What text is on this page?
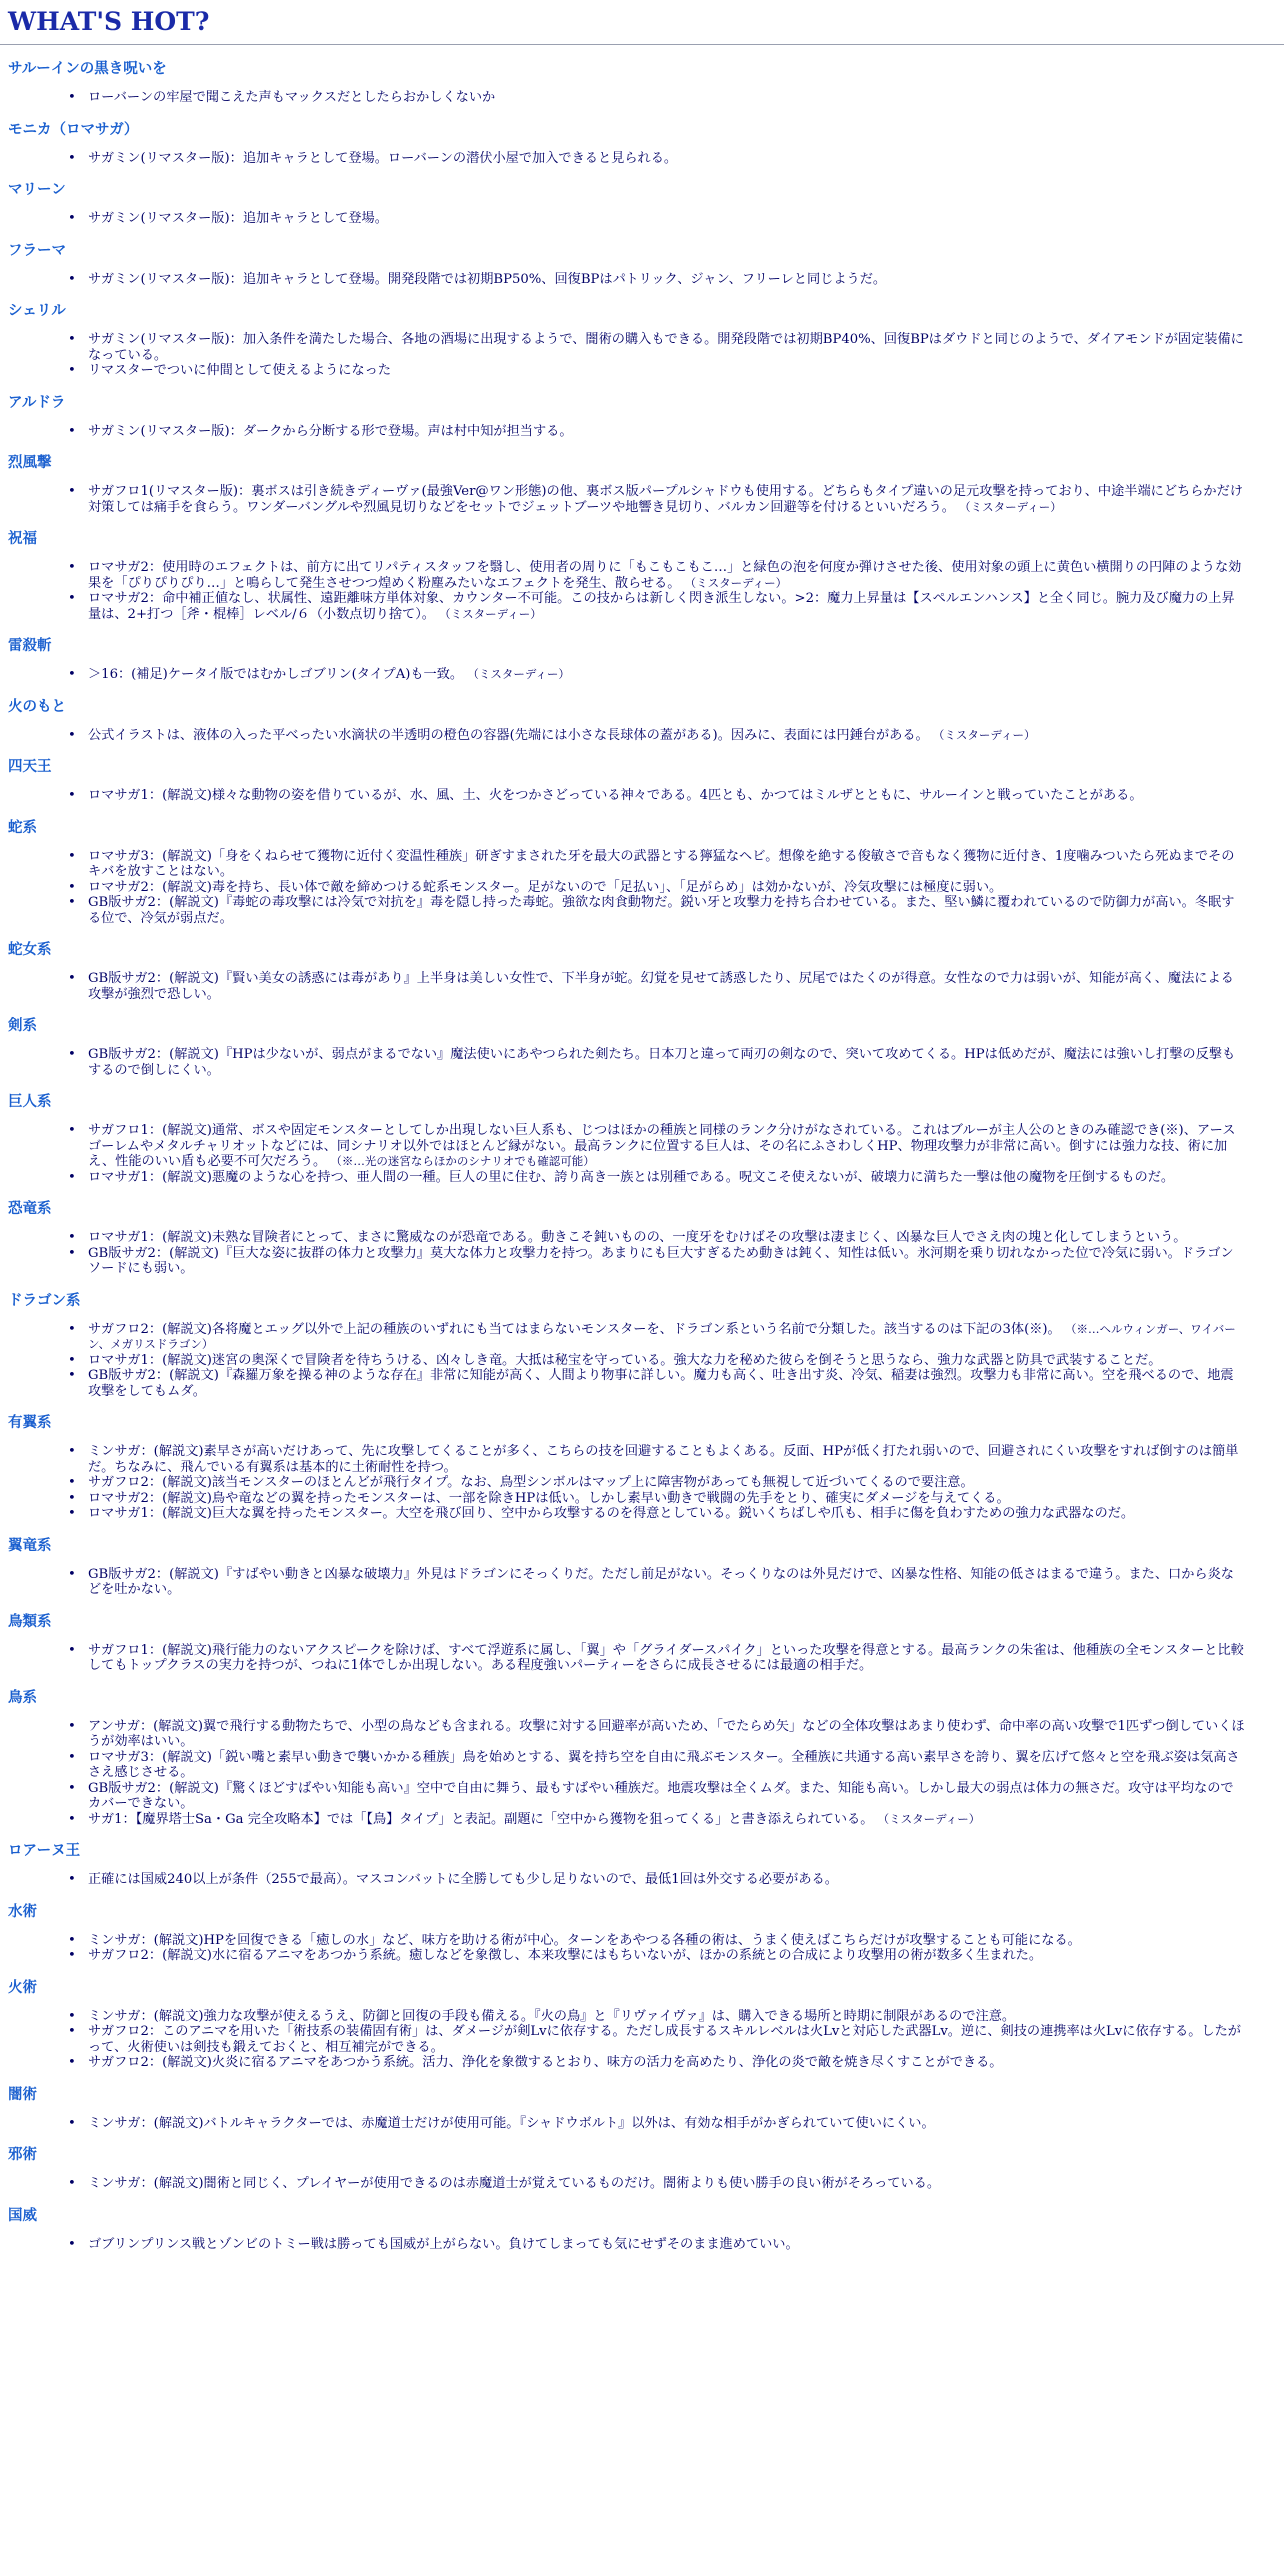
WHAT'S HOT?
サルーインの黒き呪いを
• ローバーンの牢屋で聞こえた声もマックスだとしたらおかしくないか
モニカ（ロマサガ）
• サガミン(リマスター版)：追加キャラとして登場。ローバーンの潜伏小屋で加入できると見られる。
マリーン
• サガミン(リマスター版)：追加キャラとして登場。
フラーマ
• サガミン(リマスター版)：追加キャラとして登場。開発段階では初期BP50%、回復BPはパトリック、ジャン、フリーレと同じようだ。
シェリル
• サガミン(リマスター版)：加入条件を満たした場合、各地の酒場に出現するようで、闇術の購入もできる。開発段階では初期BP40%、回復BPはダウドと同じのようで、ダイアモンドが固定装備になっている。
• リマスターでついに仲間として使えるようになった
アルドラ
• サガミン(リマスター版)：ダークから分断する形で登場。声は村中知が担当する。
烈風撃
• サガフロ1(リマスター版)：裏ボスは引き続きディーヴァ(最強Ver@ワン形態)の他、裏ボス版パープルシャドウも使用する。どちらもタイプ違いの足元攻撃を持っており、中途半端にどちらかだけ対策しては痛手を食らう。ワンダーバングルや烈風見切りなどをセットでジェットブーツや地響き見切り、バルカン回避等を付けるといいだろう。 （ミスターディー）
祝福
• ロマサガ2：使用時のエフェクトは、前方に出てリパティスタッフを翳し、使用者の周りに「もこもこもこ…」と緑色の泡を何度か弾けさせた後、使用対象の頭上に黄色い横開りの円陣のような効果を「ぴりぴりぴり…」と鳴らして発生させつつ煌めく粉塵みたいなエフェクトを発生、散らせる。 （ミスターディー）
• ロマサガ2：命中補正値なし、状属性、遠距離味方単体対象、カウンター不可能。この技からは新しく閃き派生しない。>2：魔力上昇量は【スペルエンハンス】と全く同じ。腕力及び魔力の上昇量は、2+打つ［斧・棍棒］レベル/６（小数点切り捨て）。 （ミスターディー）
雷殺斬
• ＞16：(補足)ケータイ版ではむかしゴブリン(タイプA)も一致。 （ミスターディー）
火のもと
• 公式イラストは、液体の入った平べったい水滴状の半透明の橙色の容器(先端には小さな長球体の蓋がある)。因みに、表面には円錘台がある。 （ミスターディー）
四天王
• ロマサガ1：(解説文)様々な動物の姿を借りているが、水、風、土、火をつかさどっている神々である。4匹とも、かつてはミルザとともに、サルーインと戦っていたことがある。
蛇系
• ロマサガ3：(解説文)「身をくねらせて獲物に近付く変温性種族」研ぎすまされた牙を最大の武器とする獰猛なヘビ。想像を絶する俊敏さで音もなく獲物に近付き、1度噛みついたら死ぬまでそのキバを放すことはない。
• ロマサガ2：(解説文)毒を持ち、長い体で敵を締めつける蛇系モンスター。足がないので「足払い」、「足がらめ」は効かないが、冷気攻撃には極度に弱い。
• GB版サガ2：(解説文)『毒蛇の毒攻撃には冷気で対抗を』毒を隠し持った毒蛇。強欲な肉食動物だ。鋭い牙と攻撃力を持ち合わせている。また、堅い鱗に覆われているので防御力が高い。冬眠する位で、冷気が弱点だ。
蛇女系
• GB版サガ2：(解説文)『賢い美女の誘惑には毒があり』上半身は美しい女性で、下半身が蛇。幻覚を見せて誘惑したり、尻尾ではたくのが得意。女性なので力は弱いが、知能が高く、魔法による攻撃が強烈で恐しい。
剣系
• GB版サガ2：(解説文)『HPは少ないが、弱点がまるでない』魔法使いにあやつられた剣たち。日本刀と違って両刃の剣なので、突いて攻めてくる。HPは低めだが、魔法には強いし打撃の反撃もするので倒しにくい。
巨人系
• サガフロ1：(解説文)通常、ボスや固定モンスターとしてしか出現しない巨人系も、じつはほかの種族と同様のランク分けがなされている。これはブルーが主人公のときのみ確認でき(※)、アースゴーレムやメタルチャリオットなどには、同シナリオ以外ではほとんど縁がない。最高ランクに位置する巨人は、その名にふさわしくHP、物理攻撃力が非常に高い。倒すには強力な技、術に加え、性能のいい盾も必要不可欠だろう。 （※…光の迷宮ならほかのシナリオでも確認可能）
• ロマサガ1：(解説文)悪魔のような心を持つ、亜人間の一種。巨人の里に住む、誇り高き一族とは別種である。呪文こそ使えないが、破壊力に満ちた一撃は他の魔物を圧倒するものだ。
恐竜系
• ロマサガ1：(解説文)未熟な冒険者にとって、まさに驚威なのが恐竜である。動きこそ鈍いものの、一度牙をむけばその攻撃は凄まじく、凶暴な巨人でさえ肉の塊と化してしまうという。
• GB版サガ2：(解説文)『巨大な姿に抜群の体力と攻撃力』莫大な体力と攻撃力を持つ。あまりにも巨大すぎるため動きは鈍く、知性は低い。氷河期を乗り切れなかった位で冷気に弱い。ドラゴンソードにも弱い。
ドラゴン系
• サガフロ2：(解説文)各将魔とエッグ以外で上記の種族のいずれにも当てはまらないモンスターを、ドラゴン系という名前で分類した。該当するのは下記の3体(※)。 （※…ヘルウィンガー、ワイバーン、メガリスドラゴン）
• ロマサガ1：(解説文)迷宮の奥深くで冒険者を待ちうける、凶々しき竜。大抵は秘宝を守っている。強大な力を秘めた彼らを倒そうと思うなら、強力な武器と防具で武装することだ。
• GB版サガ2：(解説文)『森羅万象を操る神のような存在』非常に知能が高く、人間より物事に詳しい。魔力も高く、吐き出す炎、冷気、稲妻は強烈。攻撃力も非常に高い。空を飛べるので、地震攻撃をしてもムダ。
有翼系
• ミンサガ：(解説文)素早さが高いだけあって、先に攻撃してくることが多く、こちらの技を回避することもよくある。反面、HPが低く打たれ弱いので、回避されにくい攻撃をすれば倒すのは簡単だ。ちなみに、飛んでいる有翼系は基本的に土術耐性を持つ。
• サガフロ2：(解説文)該当モンスターのほとんどが飛行タイプ。なお、鳥型シンボルはマップ上に障害物があっても無視して近づいてくるので要注意。
• ロマサガ2：(解説文)鳥や竜などの翼を持ったモンスターは、一部を除きHPは低い。しかし素早い動きで戦闘の先手をとり、確実にダメージを与えてくる。
• ロマサガ1：(解説文)巨大な翼を持ったモンスター。大空を飛び回り、空中から攻撃するのを得意としている。鋭いくちばしや爪も、相手に傷を負わすための強力な武器なのだ。
翼竜系
• GB版サガ2：(解説文)『すばやい動きと凶暴な破壊力』外見はドラゴンにそっくりだ。ただし前足がない。そっくりなのは外見だけで、凶暴な性格、知能の低さはまるで違う。また、口から炎などを吐かない。
鳥類系
• サガフロ1：(解説文)飛行能力のないアクスピークを除けば、すべて浮遊系に属し、「翼」や「グライダースパイク」といった攻撃を得意とする。最高ランクの朱雀は、他種族の全モンスターと比較してもトップクラスの実力を持つが、つねに1体でしか出現しない。ある程度強いパーティーをさらに成長させるには最適の相手だ。
鳥系
• アンサガ：(解説文)翼で飛行する動物たちで、小型の鳥なども含まれる。攻撃に対する回避率が高いため、「でたらめ矢」などの全体攻撃はあまり使わず、命中率の高い攻撃で1匹ずつ倒していくほうが効率はいい。
• ロマサガ3：(解説文)「鋭い嘴と素早い動きで襲いかかる種族」鳥を始めとする、翼を持ち空を自由に飛ぶモンスター。全種族に共通する高い素早さを誇り、翼を広げて悠々と空を飛ぶ姿は気高ささえ感じさせる。
• GB版サガ2：(解説文)『驚くほどすばやい知能も高い』空中で自由に舞う、最もすばやい種族だ。地震攻撃は全くムダ。また、知能も高い。しかし最大の弱点は体力の無さだ。攻守は平均なのでカバーできない。
• サガ1：【魔界塔士Sa・Ga 完全攻略本】では「【鳥】タイプ」と表記。副題に「空中から獲物を狙ってくる」と書き添えられている。 （ミスターディー）
ロアーヌ王
• 正確には国威240以上が条件（255で最高）。マスコンバットに全勝しても少し足りないので、最低1回は外交する必要がある。
水術
• ミンサガ：(解説文)HPを回復できる「癒しの水」など、味方を助ける術が中心。ターンをあやつる各種の術は、うまく使えばこちらだけが攻撃することも可能になる。
• サガフロ2：(解説文)水に宿るアニマをあつかう系統。癒しなどを象徴し、本来攻撃にはもちいないが、ほかの系統との合成により攻撃用の術が数多く生まれた。
火術
• ミンサガ：(解説文)強力な攻撃が使えるうえ、防御と回復の手段も備える。『火の鳥』と『リヴァイヴァ』は、購入できる場所と時期に制限があるので注意。
• サガフロ2：このアニマを用いた「術技系の装備固有術」は、ダメージが剣Lvに依存する。ただし成長するスキルレベルは火Lvと対応した武器Lv。逆に、剣技の連携率は火Lvに依存する。したがって、火術使いは剣技も鍛えておくと、相互補完ができる。
• サガフロ2：(解説文)火炎に宿るアニマをあつかう系統。活力、浄化を象徴するとおり、味方の活力を高めたり、浄化の炎で敵を焼き尽くすことができる。
闇術
• ミンサガ：(解説文)バトルキャラクターでは、赤魔道士だけが使用可能。『シャドウボルト』以外は、有効な相手がかぎられていて使いにくい。
邪術
• ミンサガ：(解説文)闇術と同じく、プレイヤーが使用できるのは赤魔道士が覚えているものだけ。闇術よりも使い勝手の良い術がそろっている。
国威
• ゴブリンプリンス戦とゾンビのトミー戦は勝っても国威が上がらない。負けてしまっても気にせずそのまま進めていい。
